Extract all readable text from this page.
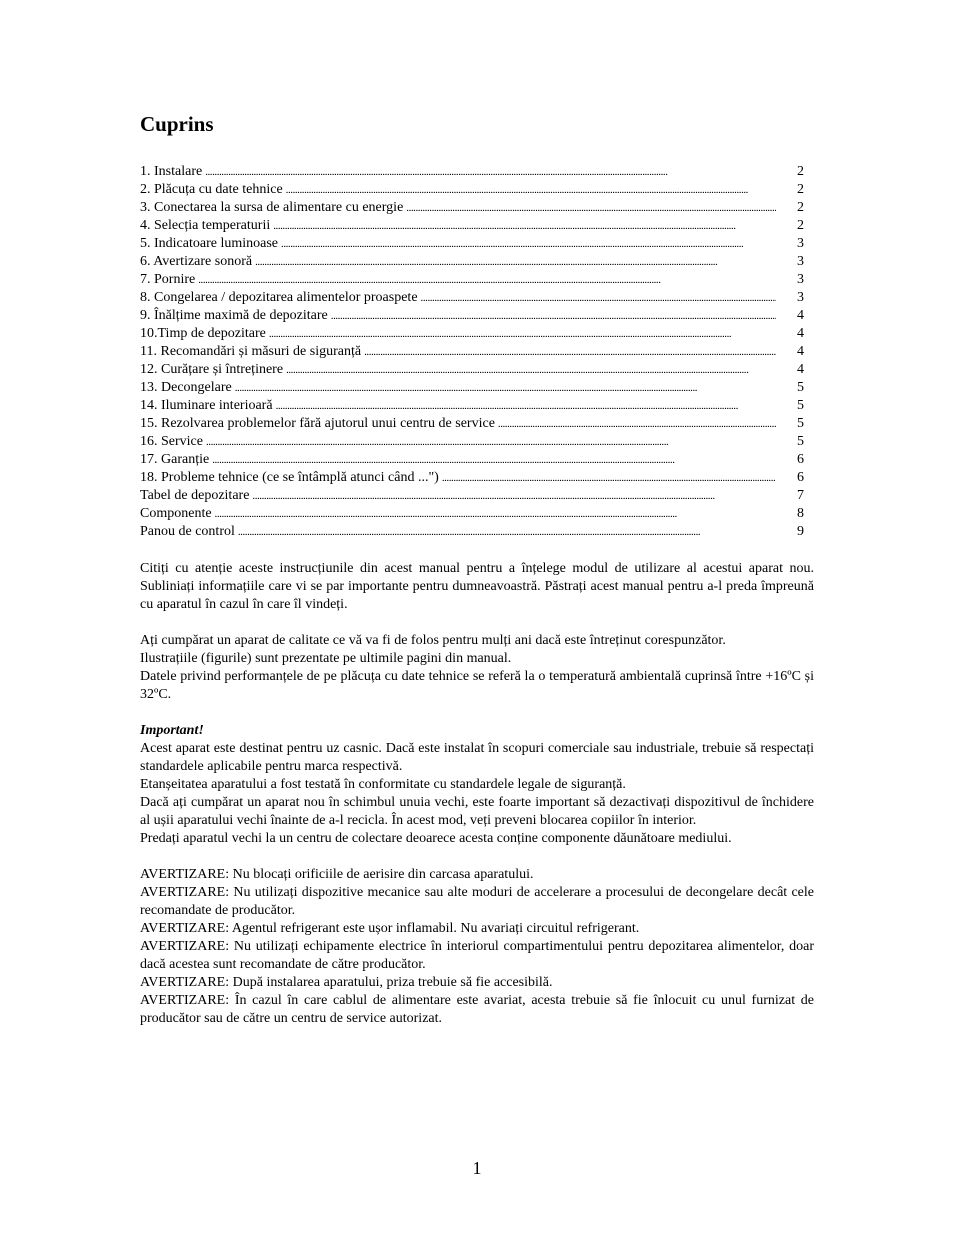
Cuprins
1. Instalare . . .	2
2. Plăcuța cu date tehnice . . .	2
3. Conectarea la sursa de alimentare cu energie . . .	2
4. Selecția temperaturii . . .	2
5. Indicatoare luminoase . . .	3
6. Avertizare sonoră . . .	3
7. Pornire . . .	3
8. Congelarea / depozitarea alimentelor proaspete . . .	3
9. Înălțime maximă de depozitare . . .	4
10.Timp de depozitare . . .	4
11. Recomandări și măsuri de siguranță . . .	4
12. Curățare și întreținere . . .	4
13. Decongelare . . .	5
14. Iluminare interioară . . .	5
15. Rezolvarea problemelor fără ajutorul unui centru de service . . .	5
16. Service . . .	5
17. Garanție . . .	6
18. Probleme tehnice (ce se întâmplă atunci când ...") . . .	6
Tabel de depozitare . . .	7
Componente . . .	8
Panou de control . . .	9

Citiți cu atenție aceste instrucțiunile din acest manual pentru a înțelege modul de utilizare al acestui aparat nou. Subliniați informațiile care vi se par importante pentru dumneavoastră. Păstrați acest manual pentru a-l preda împreună cu aparatul în cazul în care îl vindeți.

Ați cumpărat un aparat de calitate ce vă va fi de folos pentru mulți ani dacă este întreținut corespunzător.

Ilustrațiile (figurile) sunt prezentate pe ultimile pagini din manual.

Datele privind performanțele de pe plăcuța cu date tehnice se referă la o temperatură ambientală cuprinsă între +16ºC și 32ºC.

Important!

Acest aparat este destinat pentru uz casnic. Dacă este instalat în scopuri comerciale sau industriale, trebuie să respectați standardele aplicabile pentru marca respectivă.

Etanșeitatea aparatului a fost testată în conformitate cu standardele legale de siguranță.

Dacă ați cumpărat un aparat nou în schimbul unuia vechi, este foarte important să dezactivați dispozitivul de închidere al ușii aparatului vechi înainte de a-l recicla. În acest mod, veți preveni blocarea copiilor în interior.

Predați aparatul vechi la un centru de colectare deoarece acesta conține componente dăunătoare mediului.

AVERTIZARE: Nu blocați orificiile de aerisire din carcasa aparatului.

AVERTIZARE: Nu utilizați dispozitive mecanice sau alte moduri de accelerare a procesului de decongelare decât cele recomandate de producător.

AVERTIZARE: Agentul refrigerant este ușor inflamabil. Nu avariați circuitul refrigerant.

AVERTIZARE: Nu utilizați echipamente electrice în interiorul compartimentului pentru depozitarea alimentelor, doar dacă acestea sunt recomandate de către producător.

AVERTIZARE: După instalarea aparatului, priza trebuie să fie accesibilă.

AVERTIZARE: În cazul în care cablul de alimentare este avariat, acesta trebuie să fie înlocuit cu unul furnizat de producător sau de către un centru de service autorizat.

1
